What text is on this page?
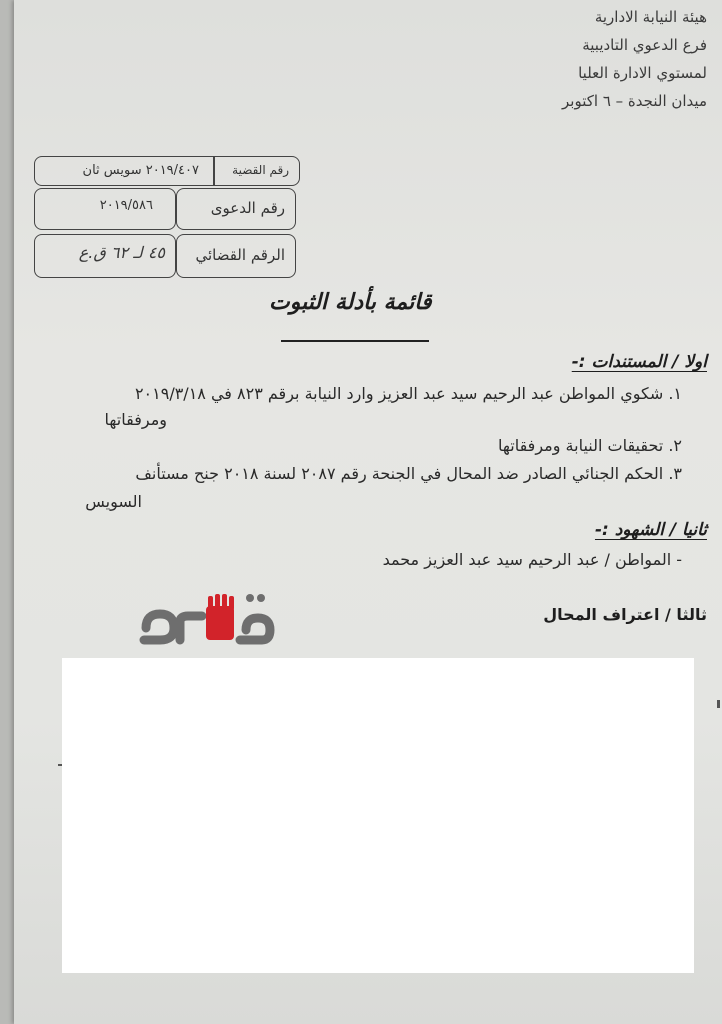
هيئة النيابة الادارية
فرع الدعوي التاديبية
لمستوي الادارة العليا
ميدان النجدة – ٦ اكتوبر
رقم القضية
٢٠١٩/٤٠٧ سويس ثان
٢٠١٩/٥٨٦	رقم الدعوى
٤٥ لـ ٦٢ ق.ع الرقم القضائي
قائمة بأدلة الثبوت
اولا / المستندات :-
١. شكوي المواطن عبد الرحيم سيد عبد العزيز وارد النيابة برقم ٨٢٣ في ٢٠١٩/٣/١٨
ومرفقاتها
٢. تحقيقات النيابة ومرفقاتها
٣. الحكم الجنائي الصادر ضد المحال في الجنحة رقم ٢٠٨٧ لسنة ٢٠١٨ جنح مستأنف
السويس
ثانيا / الشهود :-
- المواطن / عبد الرحيم سيد عبد العزيز محمد
ثالثا / اعتراف المحال
